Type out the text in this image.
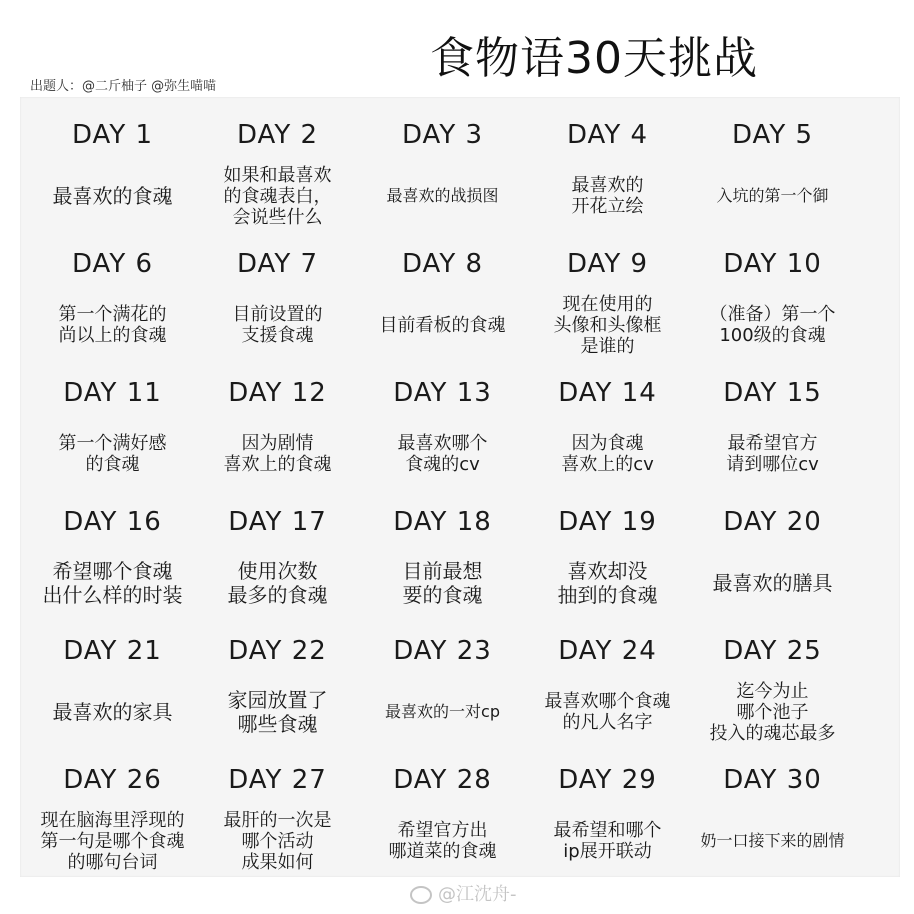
食物语30天挑战
出题人：@二斤柚子 @弥生喵喵
DAY 1
最喜欢的食魂
DAY 2
如果和最喜欢
的食魂表白，
会说些什么
DAY 3
最喜欢的战损图
DAY 4
最喜欢的
开花立绘
DAY 5
入坑的第一个御
DAY 6
第一个满花的
尚以上的食魂
DAY 7
目前设置的
支援食魂
DAY 8
目前看板的食魂
DAY 9
现在使用的
头像和头像框
是谁的
DAY 10
（准备）第一个
100级的食魂
DAY 11
第一个满好感
的食魂
DAY 12
因为剧情
喜欢上的食魂
DAY 13
最喜欢哪个
食魂的cv
DAY 14
因为食魂
喜欢上的cv
DAY 15
最希望官方
请到哪位cv
DAY 16
希望哪个食魂
出什么样的时装
DAY 17
使用次数
最多的食魂
DAY 18
目前最想
要的食魂
DAY 19
喜欢却没
抽到的食魂
DAY 20
最喜欢的膳具
DAY 21
最喜欢的家具
DAY 22
家园放置了
哪些食魂
DAY 23
最喜欢的一对cp
DAY 24
最喜欢哪个食魂
的凡人名字
DAY 25
迄今为止
哪个池子
投入的魂芯最多
DAY 26
现在脑海里浮现的
第一句是哪个食魂
的哪句台词
DAY 27
最肝的一次是
哪个活动
成果如何
DAY 28
希望官方出
哪道菜的食魂
DAY 29
最希望和哪个
ip展开联动
DAY 30
奶一口接下来的剧情
@江沈舟-
